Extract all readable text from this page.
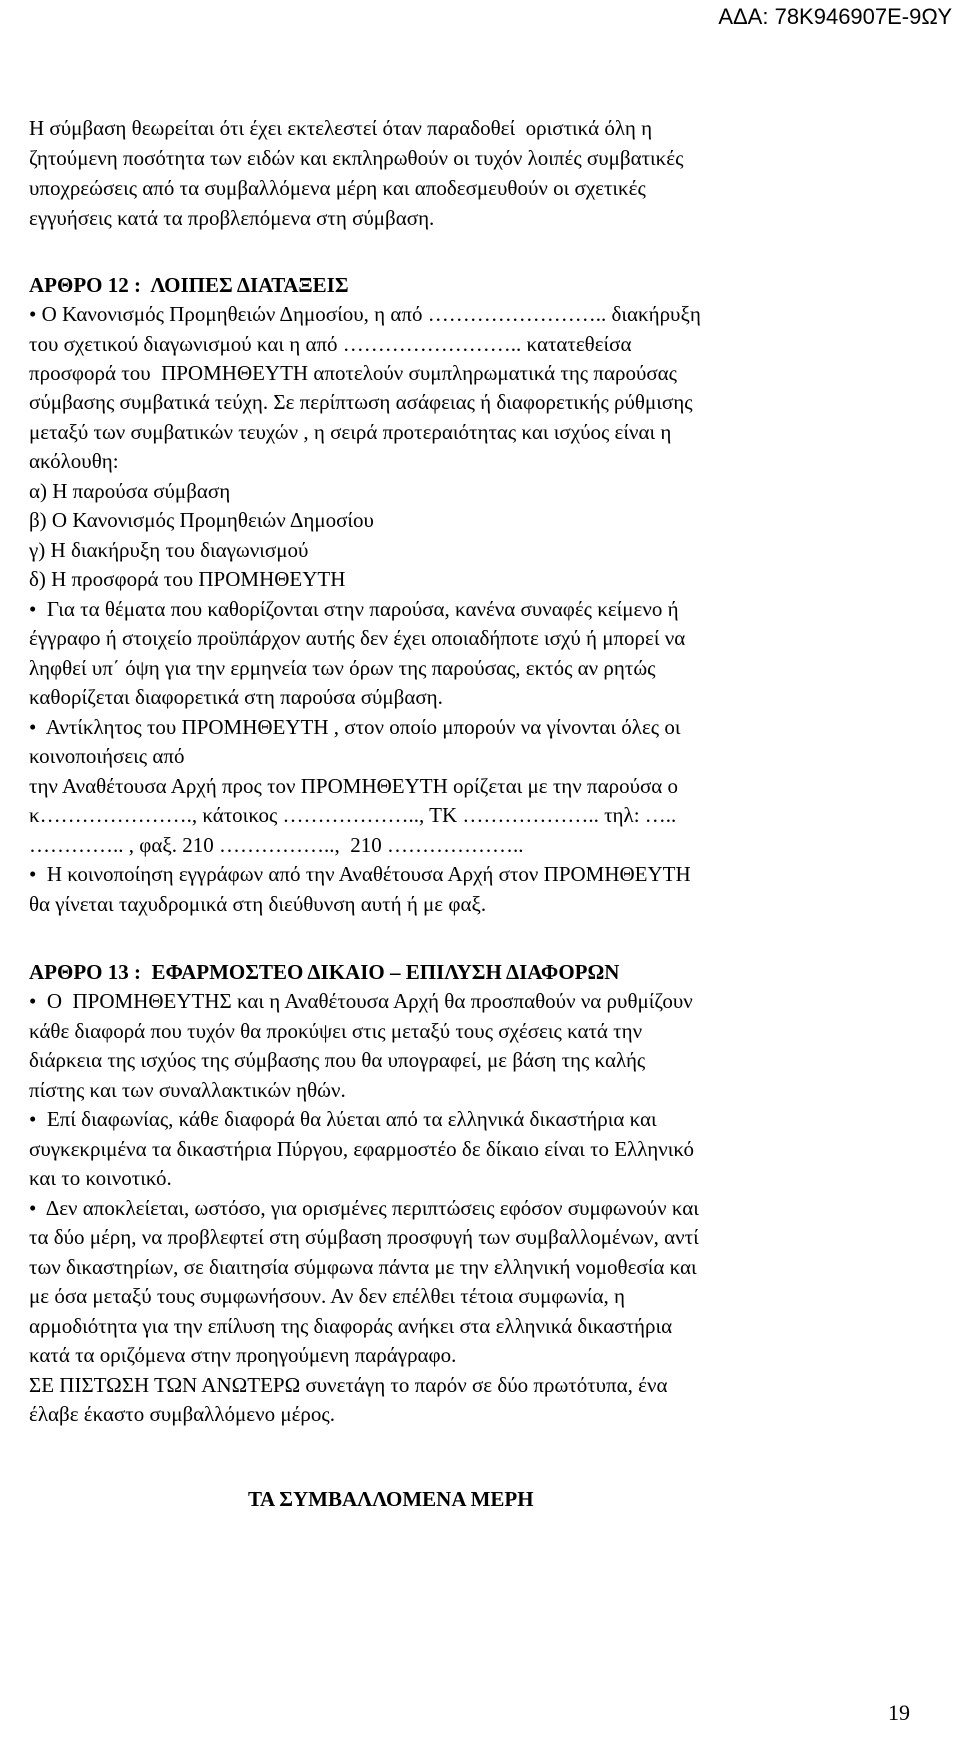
ΑΔΑ: 78Κ946907Ε-9ΩΥ
Η σύμβαση θεωρείται ότι έχει εκτελεστεί όταν παραδοθεί  οριστικά όλη η
ζητούμενη ποσότητα των ειδών και εκπληρωθούν οι τυχόν λοιπές συμβατικές
υποχρεώσεις από τα συμβαλλόμενα μέρη και αποδεσμευθούν οι σχετικές
εγγυήσεις κατά τα προβλεπόμενα στη σύμβαση.
ΑΡΘΡΟ 12 :  ΛΟΙΠΕΣ ΔΙΑΤΑΞΕΙΣ
• Ο Κανονισμός Προμηθειών Δημοσίου, η από …………………….. διακήρυξη
του σχετικού διαγωνισμού και η από …………………….. κατατεθείσα
προσφορά του  ΠΡΟΜΗΘΕΥΤΗ αποτελούν συμπληρωματικά της παρούσας
σύμβασης συμβατικά τεύχη. Σε περίπτωση ασάφειας ή διαφορετικής ρύθμισης
μεταξύ των συμβατικών τευχών , η σειρά προτεραιότητας και ισχύος είναι η
ακόλουθη:
α) Η παρούσα σύμβαση
β) Ο Κανονισμός Προμηθειών Δημοσίου
γ) Η διακήρυξη του διαγωνισμού
δ) Η προσφορά του ΠΡΟΜΗΘΕΥΤΗ
•  Για τα θέματα που καθορίζονται στην παρούσα, κανένα συναφές κείμενο ή
έγγραφο ή στοιχείο προϋπάρχον αυτής δεν έχει οποιαδήποτε ισχύ ή μπορεί να
ληφθεί υπ΄ όψη για την ερμηνεία των όρων της παρούσας, εκτός αν ρητώς
καθορίζεται διαφορετικά στη παρούσα σύμβαση.
•  Αντίκλητος του ΠΡΟΜΗΘΕΥΤΗ , στον οποίο μπορούν να γίνονται όλες οι
κοινοποιήσεις από
την Αναθέτουσα Αρχή προς τον ΠΡΟΜΗΘΕΥΤΗ ορίζεται με την παρούσα ο
κ…………………., κάτοικος ……………….., ΤΚ ……………….. τηλ: …..
………….. , φαξ. 210 ……………..,  210 ………………..
•  Η κοινοποίηση εγγράφων από την Αναθέτουσα Αρχή στον ΠΡΟΜΗΘΕΥΤΗ
θα γίνεται ταχυδρομικά στη διεύθυνση αυτή ή με φαξ.
ΑΡΘΡΟ 13 :  ΕΦΑΡΜΟΣΤΕΟ ΔΙΚΑΙΟ – ΕΠΙΛΥΣΗ ΔΙΑΦΟΡΩΝ
•  Ο  ΠΡΟΜΗΘΕΥΤΗΣ και η Αναθέτουσα Αρχή θα προσπαθούν να ρυθμίζουν
κάθε διαφορά που τυχόν θα προκύψει στις μεταξύ τους σχέσεις κατά την
διάρκεια της ισχύος της σύμβασης που θα υπογραφεί, με βάση της καλής
πίστης και των συναλλακτικών ηθών.
•  Επί διαφωνίας, κάθε διαφορά θα λύεται από τα ελληνικά δικαστήρια και
συγκεκριμένα τα δικαστήρια Πύργου, εφαρμοστέο δε δίκαιο είναι το Ελληνικό
και το κοινοτικό.
•  Δεν αποκλείεται, ωστόσο, για ορισμένες περιπτώσεις εφόσον συμφωνούν και
τα δύο μέρη, να προβλεφτεί στη σύμβαση προσφυγή των συμβαλλομένων, αντί
των δικαστηρίων, σε διαιτησία σύμφωνα πάντα με την ελληνική νομοθεσία και
με όσα μεταξύ τους συμφωνήσουν. Αν δεν επέλθει τέτοια συμφωνία, η
αρμοδιότητα για την επίλυση της διαφοράς ανήκει στα ελληνικά δικαστήρια
κατά τα οριζόμενα στην προηγούμενη παράγραφο.
ΣΕ ΠΙΣΤΩΣΗ ΤΩΝ ΑΝΩΤΕΡΩ συνετάγη το παρόν σε δύο πρωτότυπα, ένα
έλαβε έκαστο συμβαλλόμενο μέρος.
ΤΑ ΣΥΜΒΑΛΛΟΜΕΝΑ ΜΕΡΗ
19
